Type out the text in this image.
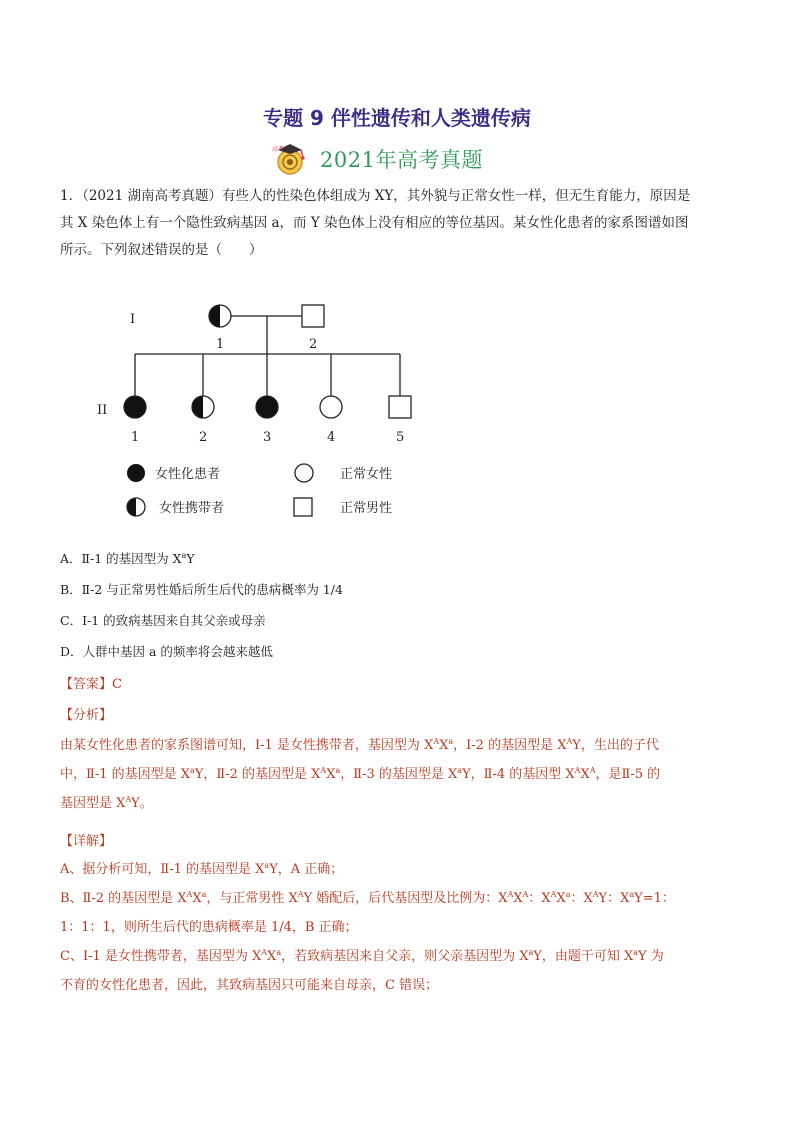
专题 9 伴性遗传和人类遗传病
高考 2021年高考真题
1．（2021 湖南高考真题）有些人的性染色体组成为 XY，其外貌与正常女性一样，但无生育能力，原因是
其 X 染色体上有一个隐性致病基因 a，而 Y 染色体上没有相应的等位基因。某女性化患者的家系图谱如图
所示。下列叙述错误的是（　　）
I
II
1	2
1	2	3	4	5
女性化患者	正常女性
女性携带者	正常男性
A．Ⅱ-1 的基因型为 $X^aY$
B．Ⅱ-2 与正常男性婚后所生后代的患病概率为 1/4
C．I-1 的致病基因来自其父亲或母亲
D．人群中基因 a 的频率将会越来越低
【答案】C
【分析】
由某女性化患者的家系图谱可知，Ⅰ-1 是女性携带者，基因型为 $X^AX^a$，Ⅰ-2 的基因型是 $X^AY$，生出的子代
中，Ⅱ-1 的基因型是 $X^aY$，Ⅱ-2 的基因型是 $X^AX^a$，Ⅱ-3 的基因型是 $X^aY$，Ⅱ-4 的基因型 $X^AX^A$，是Ⅱ-5 的
基因型是 $X^AY$。
【详解】
A、据分析可知，Ⅱ-1 的基因型是 $X^aY$，A 正确；
B、Ⅱ-2 的基因型是 $X^AX^a$，与正常男性 $X^AY$ 婚配后，后代基因型及比例为：$X^AX^A$：$X^AX^a$：$X^AY$：$X^aY=1$：
1：1：1，则所生后代的患病概率是 1/4，B 正确；
C、Ⅰ-1 是女性携带者，基因型为 $X^AX^a$，若致病基因来自父亲，则父亲基因型为 $X^aY$，由题干可知 $X^aY$ 为
不育的女性化患者，因此，其致病基因只可能来自母亲，C 错误；
